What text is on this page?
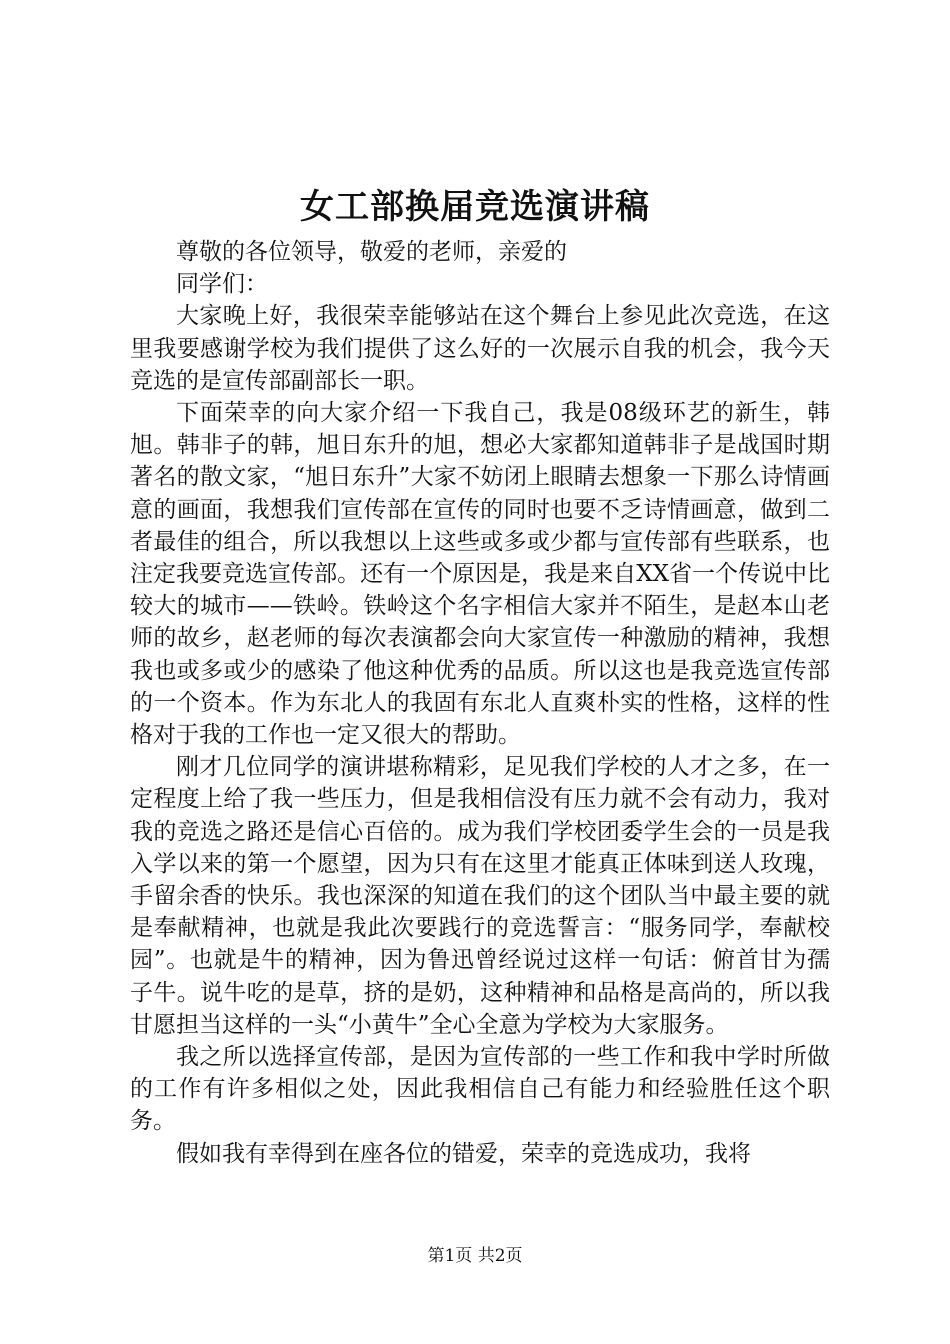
女工部换届竞选演讲稿

尊敬的各位领导，敬爱的老师，亲爱的

同学们：

大家晚上好，我很荣幸能够站在这个舞台上参见此次竞选，在这里我要感谢学校为我们提供了这么好的一次展示自我的机会，我今天竞选的是宣传部副部长一职。

下面荣幸的向大家介绍一下我自己，我是08级环艺的新生，韩旭。韩非子的韩，旭日东升的旭，想必大家都知道韩非子是战国时期著名的散文家，“旭日东升”大家不妨闭上眼睛去想象一下那么诗情画意的画面，我想我们宣传部在宣传的同时也要不乏诗情画意，做到二者最佳的组合，所以我想以上这些或多或少都与宣传部有些联系，也注定我要竞选宣传部。还有一个原因是，我是来自XX省一个传说中比较大的城市——铁岭。铁岭这个名字相信大家并不陌生，是赵本山老师的故乡，赵老师的每次表演都会向大家宣传一种激励的精神，我想我也或多或少的感染了他这种优秀的品质。所以这也是我竞选宣传部的一个资本。作为东北人的我固有东北人直爽朴实的性格，这样的性格对于我的工作也一定又很大的帮助。

刚才几位同学的演讲堪称精彩，足见我们学校的人才之多，在一定程度上给了我一些压力，但是我相信没有压力就不会有动力，我对我的竞选之路还是信心百倍的。成为我们学校团委学生会的一员是我入学以来的第一个愿望，因为只有在这里才能真正体味到送人玫瑰，手留余香的快乐。我也深深的知道在我们的这个团队当中最主要的就是奉献精神，也就是我此次要践行的竞选誓言：“服务同学，奉献校园”。也就是牛的精神，因为鲁迅曾经说过这样一句话：俯首甘为孺子牛。说牛吃的是草，挤的是奶，这种精神和品格是高尚的，所以我甘愿担当这样的一头“小黄牛”全心全意为学校为大家服务。

我之所以选择宣传部，是因为宣传部的一些工作和我中学时所做的工作有许多相似之处，因此我相信自己有能力和经验胜任这个职务。

假如我有幸得到在座各位的错爱，荣幸的竞选成功，我将

第1页 共2页
